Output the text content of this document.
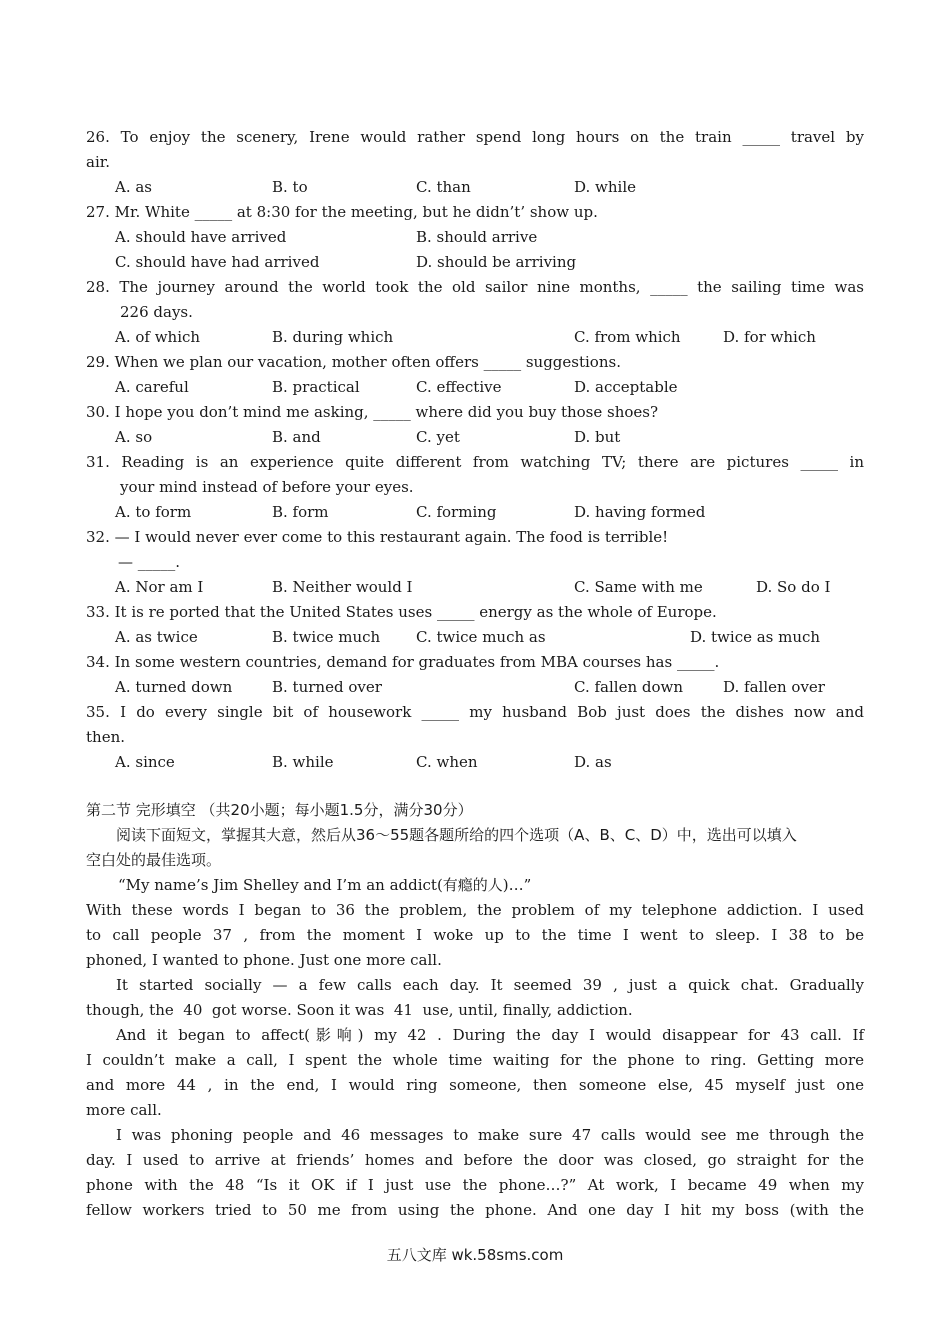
26. To enjoy the scenery, Irene would rather spend long hours on the train _____ travel by
air.
A. as	B. to	C. than	D. while
27. Mr. White _____ at 8:30 for the meeting, but he didn’t’ show up.
A. should have arrived	B. should arrive
C. should have had arrived	D. should be arriving
28. The journey around the world took the old sailor nine months, _____ the sailing time was
226 days.
A. of which	B. during which	C. from which	D. for which
29. When we plan our vacation, mother often offers _____ suggestions.
A. careful	B. practical	C. effective	D. acceptable
30. I hope you don’t mind me asking, _____ where did you buy those shoes?
A. so	B. and	C. yet	D. but
31. Reading is an experience quite different from watching TV; there are pictures _____ in
your mind instead of before your eyes.
A. to form	B. form	C. forming	D. having formed
32. — I would never ever come to this restaurant again. The food is terrible!
— _____.
A. Nor am I	B. Neither would I	C. Same with me	D. So do I
33. It is re ported that the United States uses _____ energy as the whole of Europe.
A. as twice	B. twice much C. twice much as	D. twice as much
34. In some western countries, demand for graduates from MBA courses has _____.
A. turned down	B. turned over	C. fallen down	D. fallen over
35. I do every single bit of housework _____ my husband Bob just does the dishes now and
then.
A. since	B. while	C. when	D. as
第二节 完形填空 （共20小题；每小题1.5分，满分30分）
阅读下面短文，掌握其大意，然后从36～55题各题所给的四个选项（A、B、C、D）中，选出可以填入
空白处的最佳选项。
“My name’s Jim Shelley and I’m an addict(有瘾的人)…”
With these words I began to 36 the problem, the problem of my telephone addiction. I used
to call people 37 , from the moment I woke up to the time I went to sleep. I 38 to be
phoned, I wanted to phone. Just one more call.
It started socially — a few calls each day. It seemed 39 , just a quick chat. Gradually
though, the  40  got worse. Soon it was  41  use, until, finally, addiction.
And it began to affect(影响) my 42 . During the day I would disappear for 43 call. If
I couldn’t make a call, I spent the whole time waiting for the phone to ring. Getting more
and more 44 , in the end, I would ring someone, then someone else, 45 myself just one
more call.
I was phoning people and 46 messages to make sure 47 calls would see me through the
day. I used to arrive at friends’ homes and before the door was closed, go straight for the
phone with the 48 “Is it OK if I just use the phone…?” At work, I became 49 when my
fellow workers tried to 50 me from using the phone. And one day I hit my boss (with the
五八文库 wk.58sms.com
